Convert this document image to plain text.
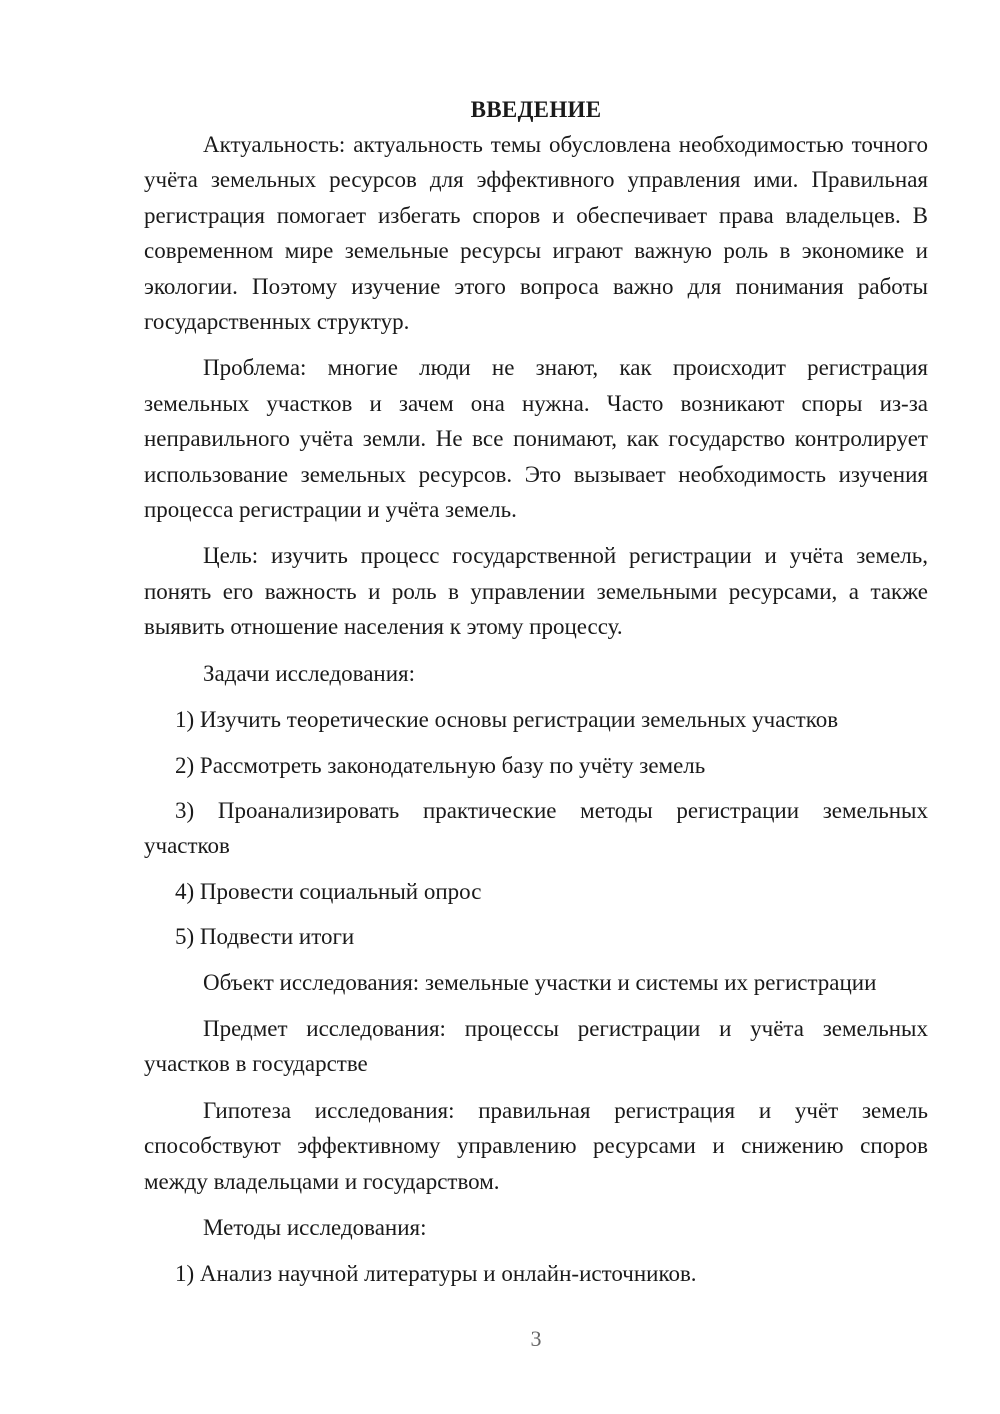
ВВЕДЕНИЕ

Актуальность: актуальность темы обусловлена необходимостью точного учёта земельных ресурсов для эффективного управления ими. Правильная регистрация помогает избегать споров и обеспечивает права владельцев. В современном мире земельные ресурсы играют важную роль в экономике и экологии. Поэтому изучение этого вопроса важно для понимания работы государственных структур.

Проблема: многие люди не знают, как происходит регистрация земельных участков и зачем она нужна. Часто возникают споры из-за неправильного учёта земли. Не все понимают, как государство контролирует использование земельных ресурсов. Это вызывает необходимость изучения процесса регистрации и учёта земель.

Цель: изучить процесс государственной регистрации и учёта земель, понять его важность и роль в управлении земельными ресурсами, а также выявить отношение населения к этому процессу.

Задачи исследования:

1) Изучить теоретические основы регистрации земельных участков

2) Рассмотреть законодательную базу по учёту земель

3) Проанализировать практические методы регистрации земельных участков

4) Провести социальный опрос

5) Подвести итоги

Объект исследования: земельные участки и системы их регистрации

Предмет исследования: процессы регистрации и учёта земельных участков в государстве

Гипотеза исследования: правильная регистрация и учёт земель способствуют эффективному управлению ресурсами и снижению споров между владельцами и государством.

Методы исследования:

1) Анализ научной литературы и онлайн-источников.

3
